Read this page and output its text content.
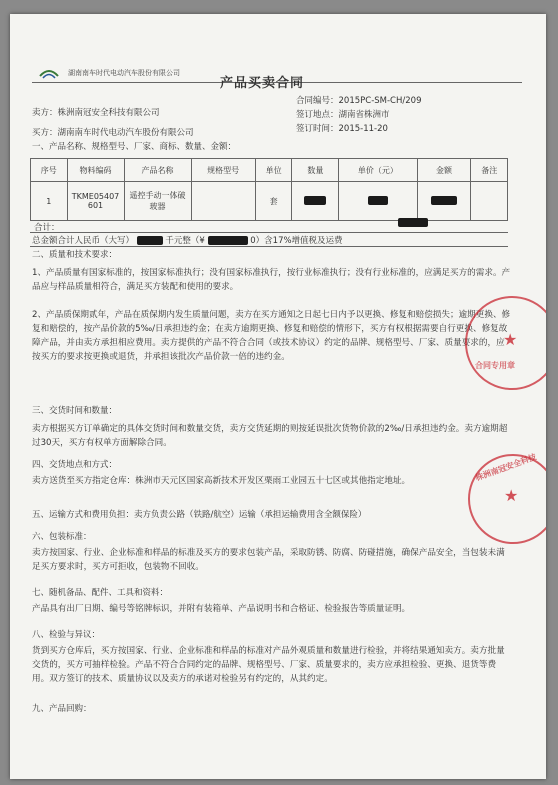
湖南南车时代电动汽车股份有限公司
产品买卖合同
卖方：株洲南冠安全科技有限公司
买方：湖南南车时代电动汽车股份有限公司
一、产品名称、规格型号、厂家、商标、数量、金额：
合同编号：2015PC-SM-CH/209
签订地点：湖南省株洲市
签订时间：2015-11-20
序号	物料编码	产品名称	规格型号	单位	数量	单价（元）	金额	备注
1	TKME05407601	遥控手动一体破玻器		套				
合计：
总金额合计人民币（大写）	千元整（¥	0）含17%增值税及运费
二、质量和技术要求：
1、产品质量有国家标准的，按国家标准执行；没有国家标准执行，按行业标准执行；没有行业标准的，应满足买方的需求。产品应与样品质量相符合，满足买方装配和使用的要求。
2、产品质保期贰年，产品在质保期内发生质量问题，卖方在买方通知之日起七日内予以更换、修复和赔偿损失；逾期更换、修复和赔偿的，按产品价款的5‰/日承担违约金；在卖方逾期更换、修复和赔偿的情形下，买方有权根据需要自行更换、修复故障产品，并由卖方承担相应费用。卖方提供的产品不符合合同（或技术协议）约定的品牌、规格型号、厂家、质量要求的，应按买方的要求按更换或退货，并承担该批次产品价款一倍的违约金。
三、交货时间和数量：
卖方根据买方订单确定的具体交货时间和数量交货，卖方交货延期的则按延误批次货物价款的2‰/日承担违约金。卖方逾期超过30天，买方有权单方面解除合同。
四、交货地点和方式：
卖方送货至买方指定仓库：株洲市天元区国家高新技术开发区栗雨工业园五十七区或其他指定地址。
五、运输方式和费用负担：卖方负责公路（铁路/航空）运输（承担运输费用含全额保险）
六、包装标准：
卖方按国家、行业、企业标准和样品的标准及买方的要求包装产品，采取防锈、防腐、防碰措施，确保产品安全，当包装未满足买方要求时，买方可拒收，包装物不回收。
七、随机备品、配件、工具和资料：
产品具有出厂日期、编号等铭牌标识，并附有装箱单、产品说明书和合格证、检验报告等质量证明。
八、检验与异议：
货到买方仓库后，买方按国家、行业、企业标准和样品的标准对产品外观质量和数量进行检验，并将结果通知卖方。卖方批量交货的，买方可抽样检验。产品不符合合同约定的品牌、规格型号、厂家、质量要求的，卖方应承担检验、更换、退货等费用。双方签订的技术、质量协议以及卖方的承诺对检验另有约定的，从其约定。
九、产品回购：
★
合同专用章
★
株洲南冠安全科技
